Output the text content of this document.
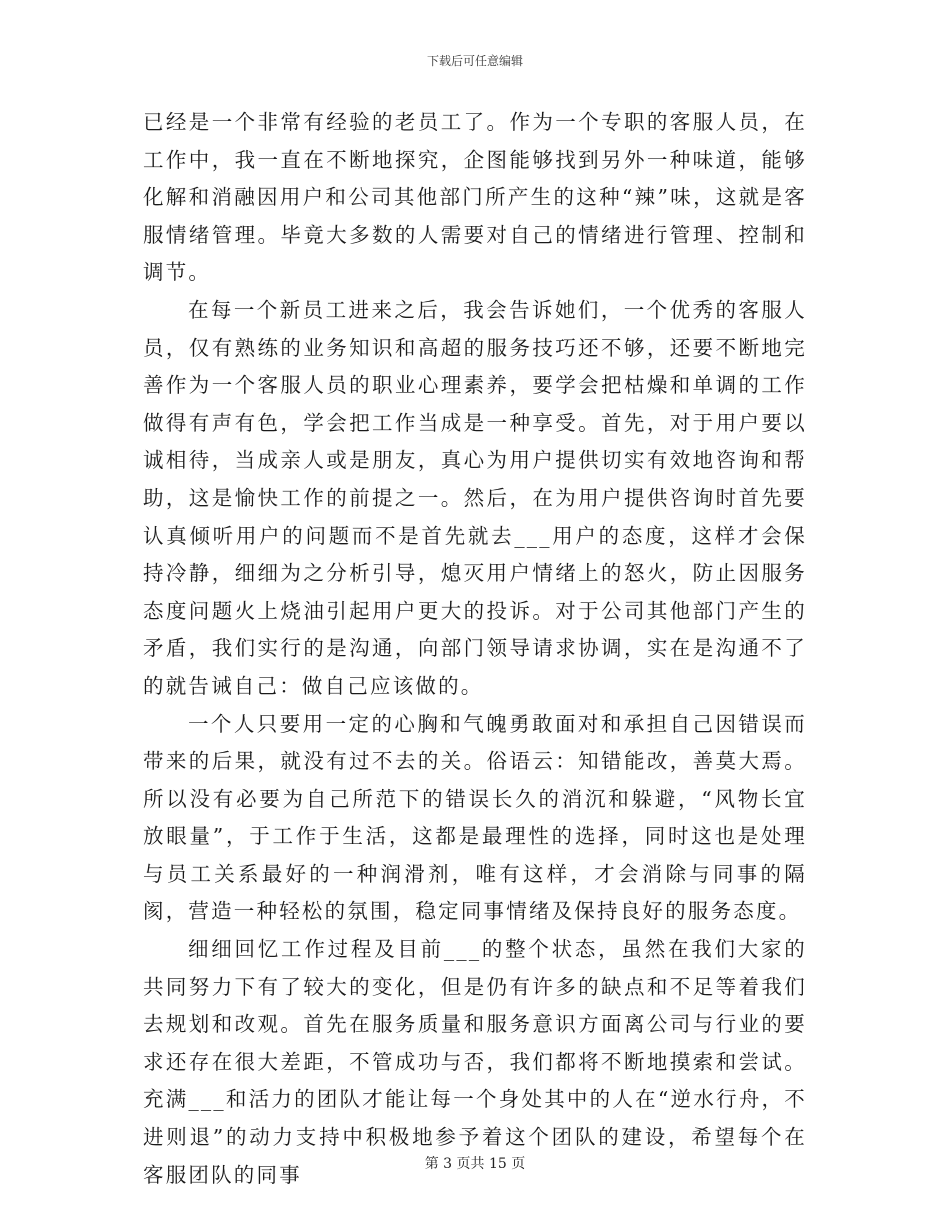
下载后可任意编辑

已经是一个非常有经验的老员工了。作为一个专职的客服人员，在工作中，我一直在不断地探究，企图能够找到另外一种味道，能够化解和消融因用户和公司其他部门所产生的这种“辣”味，这就是客服情绪管理。毕竟大多数的人需要对自己的情绪进行管理、控制和调节。

在每一个新员工进来之后，我会告诉她们，一个优秀的客服人员，仅有熟练的业务知识和高超的服务技巧还不够，还要不断地完善作为一个客服人员的职业心理素养，要学会把枯燥和单调的工作做得有声有色，学会把工作当成是一种享受。首先，对于用户要以诚相待，当成亲人或是朋友，真心为用户提供切实有效地咨询和帮助，这是愉快工作的前提之一。然后，在为用户提供咨询时首先要认真倾听用户的问题而不是首先就去___用户的态度，这样才会保持冷静，细细为之分析引导，熄灭用户情绪上的怒火，防止因服务态度问题火上烧油引起用户更大的投诉。对于公司其他部门产生的矛盾，我们实行的是沟通，向部门领导请求协调，实在是沟通不了的就告诫自己：做自己应该做的。

一个人只要用一定的心胸和气魄勇敢面对和承担自己因错误而带来的后果，就没有过不去的关。俗语云：知错能改，善莫大焉。所以没有必要为自己所范下的错误长久的消沉和躲避，“风物长宜放眼量”，于工作于生活，这都是最理性的选择，同时这也是处理与员工关系最好的一种润滑剂，唯有这样，才会消除与同事的隔阂，营造一种轻松的氛围，稳定同事情绪及保持良好的服务态度。

细细回忆工作过程及目前___的整个状态，虽然在我们大家的共同努力下有了较大的变化，但是仍有许多的缺点和不足等着我们去规划和改观。首先在服务质量和服务意识方面离公司与行业的要求还存在很大差距，不管成功与否，我们都将不断地摸索和尝试。充满___和活力的团队才能让每一个身处其中的人在“逆水行舟，不进则退”的动力支持中积极地参予着这个团队的建设，希望每个在客服团队的同事	第 3 页共 15 页
